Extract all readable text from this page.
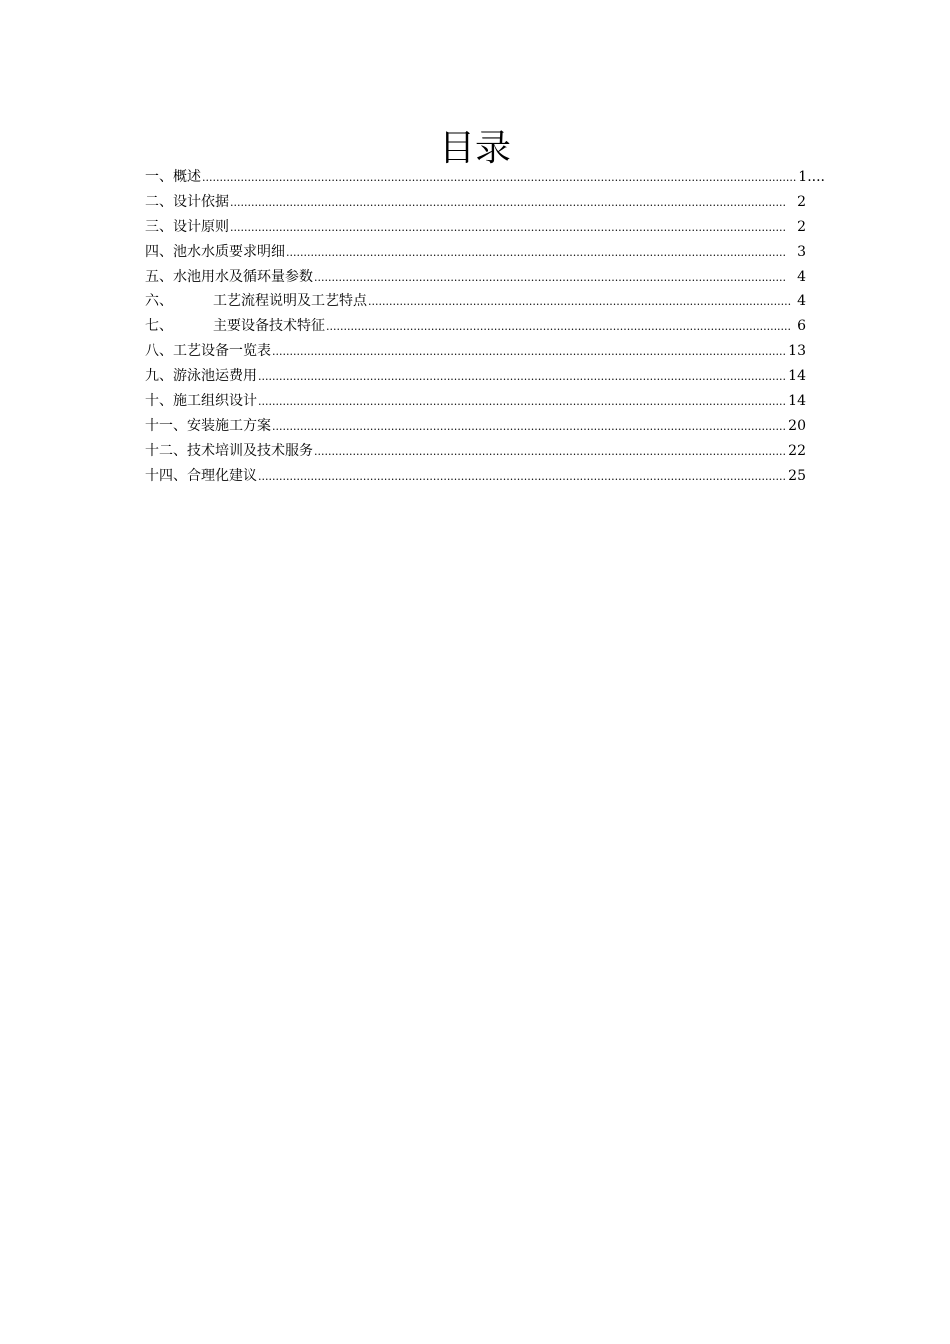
目录
一、概述 .....	1....
二、设计依据 .....	2
三、设计原则 .....	2
四、池水水质要求明细 .....	3
五、水池用水及循环量参数 .....	4
六、	工艺流程说明及工艺特点 .....	4
七、	主要设备技术特征 .....	6
八、工艺设备一览表 .....	13
九、游泳池运费用 .....	14
十、施工组织设计 .....	14
十一、安装施工方案 .....	20
十二、技术培训及技术服务 .....	22
十四、合理化建议 .....	25
